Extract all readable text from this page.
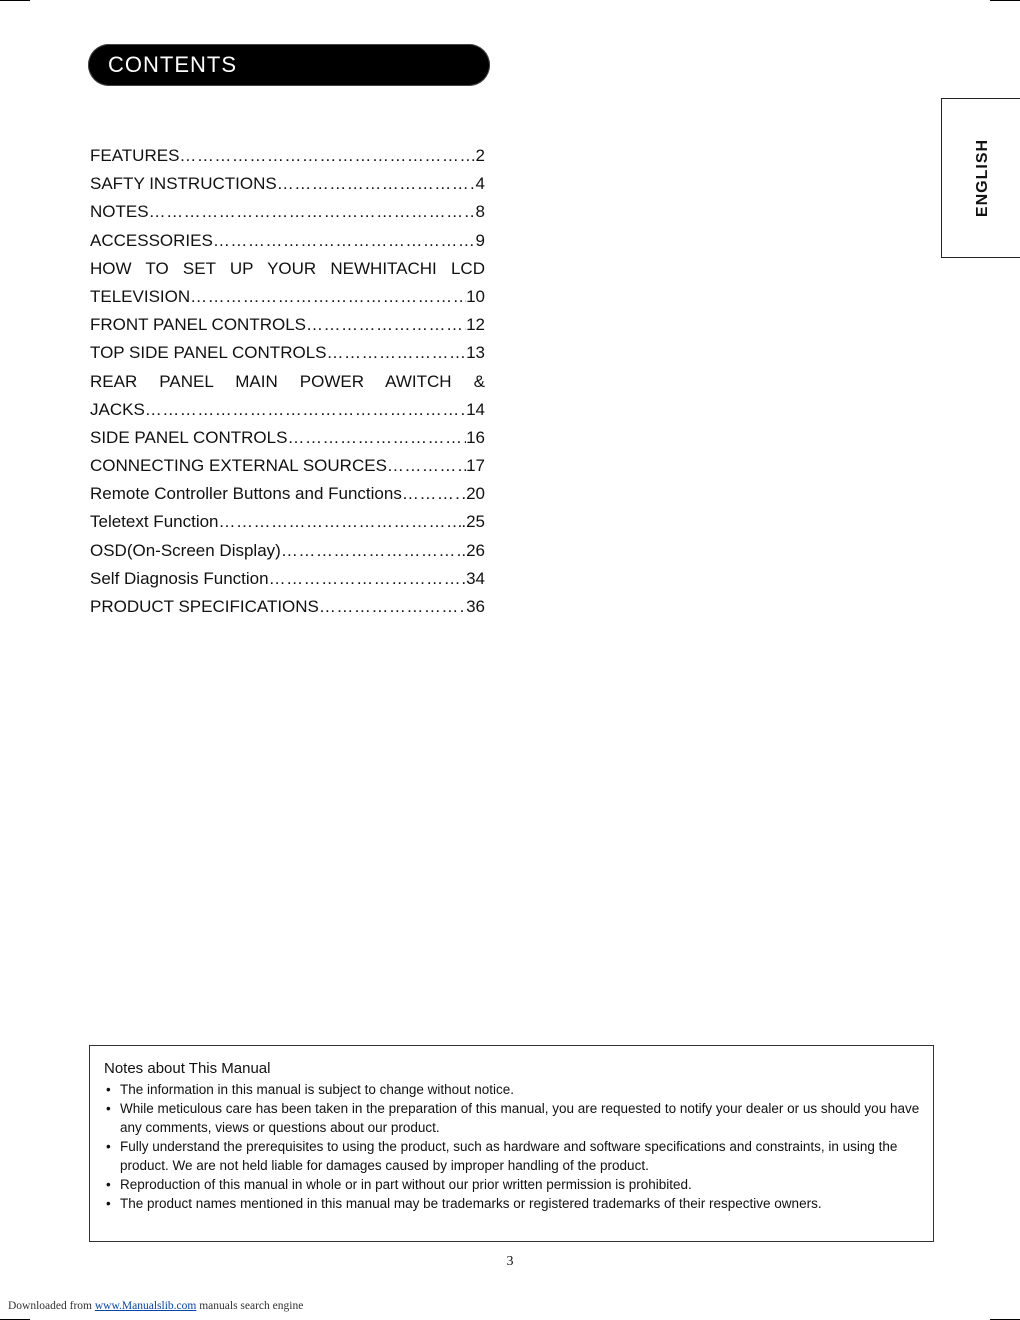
CONTENTS
ENGLISH
FEATURES ……………………………………………………………………………………………	2
SAFTY INSTRUCTIONS ……………………………………………………………………………………………	4
NOTES ……………………………………………………………………………………………	8
ACCESSORIES ……………………………………………………………………………………………	9
HOW TO SET UP YOUR NEWHITACHI LCD
TELEVISION ……………………………………………………………………………………………	10
FRONT PANEL CONTROLS ……………………………………………………………………………………………	12
TOP SIDE PANEL CONTROLS ……………………………………………………………………………………………	13
REAR PANEL MAIN POWER AWITCH &
JACKS ……………………………………………………………………………………………	14
SIDE PANEL CONTROLS ……………………………………………………………………………………………	16
CONNECTING EXTERNAL SOURCES ……………………………………………………………………………………………	17
Remote Controller Buttons and Functions ……………………………………………………………………………………………	.20
Teletext Function ……………………………………………………………………………………………	.25
OSD(On-Screen Display) ……………………………………………………………………………………………	.26
Self Diagnosis Function ……………………………………………………………………………………………	.34
PRODUCT SPECIFICATIONS ……………………………………………………………………………………………	36
Notes about This Manual
• The information in this manual is subject to change without notice.
• While meticulous care has been taken in the preparation of this manual, you are requested to notify your dealer or us should you have any comments, views or questions about our product.
• Fully understand the prerequisites to using the product, such as hardware and software specifications and constraints, in using the product. We are not held liable for damages caused by improper handling of the product.
• Reproduction of this manual in whole or in part without our prior written permission is prohibited.
• The product names mentioned in this manual may be trademarks or registered trademarks of their respective owners.
3
Downloaded from www.Manualslib.com manuals search engine
